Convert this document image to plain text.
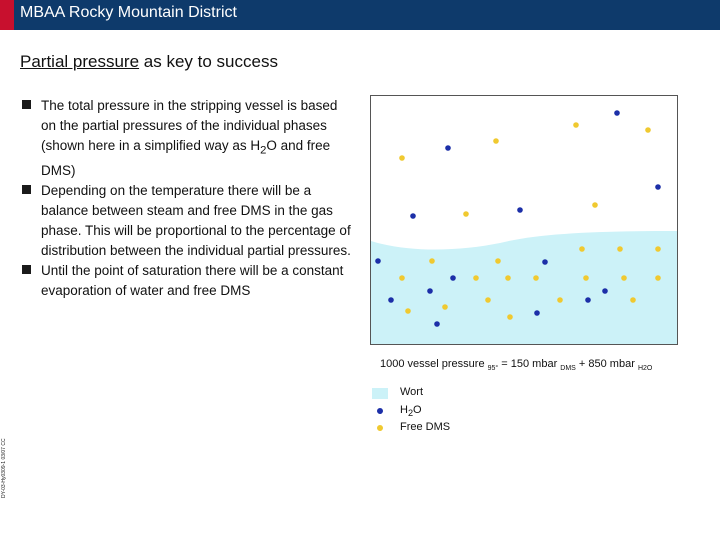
MBAA Rocky Mountain District
Partial pressure as key to success
The total pressure in the stripping vessel is based on the partial pressures of the individual phases (shown here in a simplified way as $H_2O$ and free DMS)
Depending on the temperature there will be a balance between steam and free DMS in the gas phase. This will be proportional to the percentage of distribution between the individual partial pressures.
Until the point of saturation there will be a constant evaporation of water and free DMS
1000 vessel pressure $_{95^\circ}$ = 150 mbar $_{DMS}$ + 850 mbar $_{H2O}$
Wort
$H_2O$
Free DMS
DY-03-Hy0309-1 03/07 CC
